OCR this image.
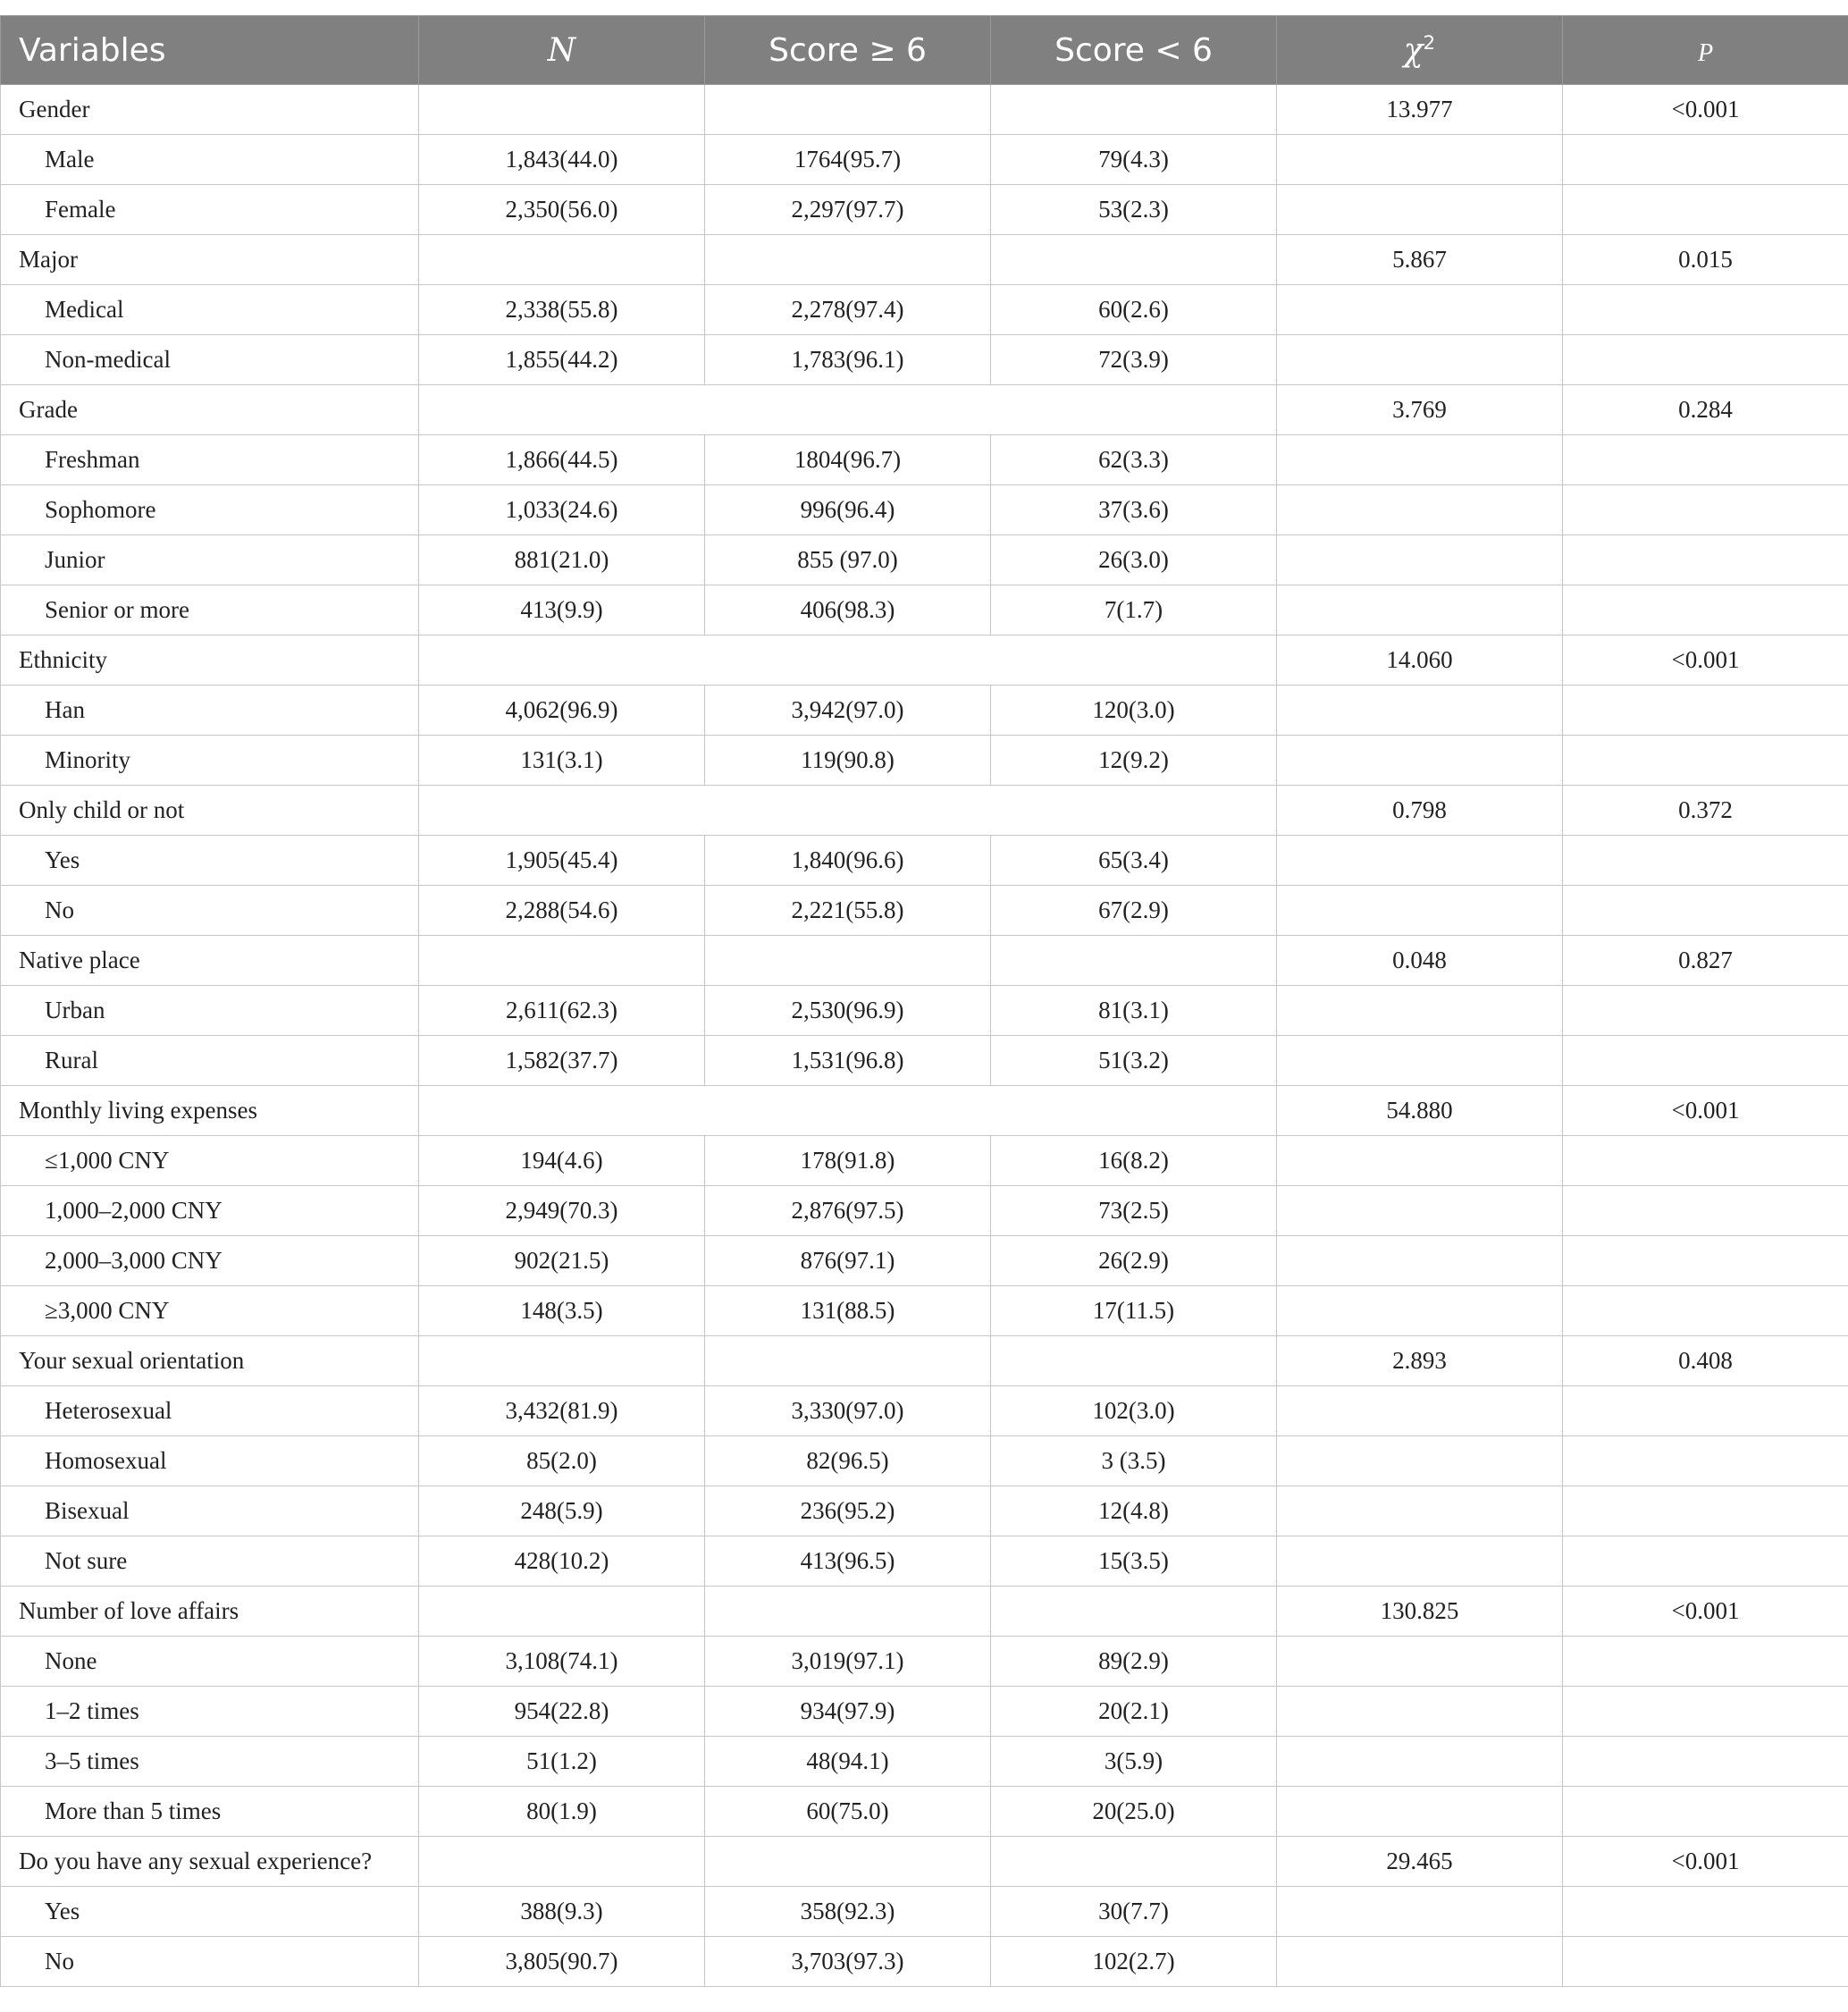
Variables	N	Score ≥ 6	Score < 6	$\chi^2$	P
Gender				13.977	<0.001
Male	1,843(44.0)	1764(95.7)	79(4.3)		
Female	2,350(56.0)	2,297(97.7)	53(2.3)		
Major				5.867	0.015
Medical	2,338(55.8)	2,278(97.4)	60(2.6)		
Non-medical	1,855(44.2)	1,783(96.1)	72(3.9)		
Grade				3.769	0.284
Freshman	1,866(44.5)	1804(96.7)	62(3.3)		
Sophomore	1,033(24.6)	996(96.4)	37(3.6)		
Junior	881(21.0)	855 (97.0)	26(3.0)		
Senior or more	413(9.9)	406(98.3)	7(1.7)		
Ethnicity				14.060	<0.001
Han	4,062(96.9)	3,942(97.0)	120(3.0)		
Minority	131(3.1)	119(90.8)	12(9.2)		
Only child or not				0.798	0.372
Yes	1,905(45.4)	1,840(96.6)	65(3.4)		
No	2,288(54.6)	2,221(55.8)	67(2.9)		
Native place				0.048	0.827
Urban	2,611(62.3)	2,530(96.9)	81(3.1)		
Rural	1,582(37.7)	1,531(96.8)	51(3.2)		
Monthly living expenses				54.880	<0.001
≤1,000 CNY	194(4.6)	178(91.8)	16(8.2)		
1,000–2,000 CNY	2,949(70.3)	2,876(97.5)	73(2.5)		
2,000–3,000 CNY	902(21.5)	876(97.1)	26(2.9)		
≥3,000 CNY	148(3.5)	131(88.5)	17(11.5)		
Your sexual orientation				2.893	0.408
Heterosexual	3,432(81.9)	3,330(97.0)	102(3.0)		
Homosexual	85(2.0)	82(96.5)	3 (3.5)		
Bisexual	248(5.9)	236(95.2)	12(4.8)		
Not sure	428(10.2)	413(96.5)	15(3.5)		
Number of love affairs				130.825	<0.001
None	3,108(74.1)	3,019(97.1)	89(2.9)		
1–2 times	954(22.8)	934(97.9)	20(2.1)		
3–5 times	51(1.2)	48(94.1)	3(5.9)		
More than 5 times	80(1.9)	60(75.0)	20(25.0)		
Do you have any sexual experience?				29.465	<0.001
Yes	388(9.3)	358(92.3)	30(7.7)		
No	3,805(90.7)	3,703(97.3)	102(2.7)		
